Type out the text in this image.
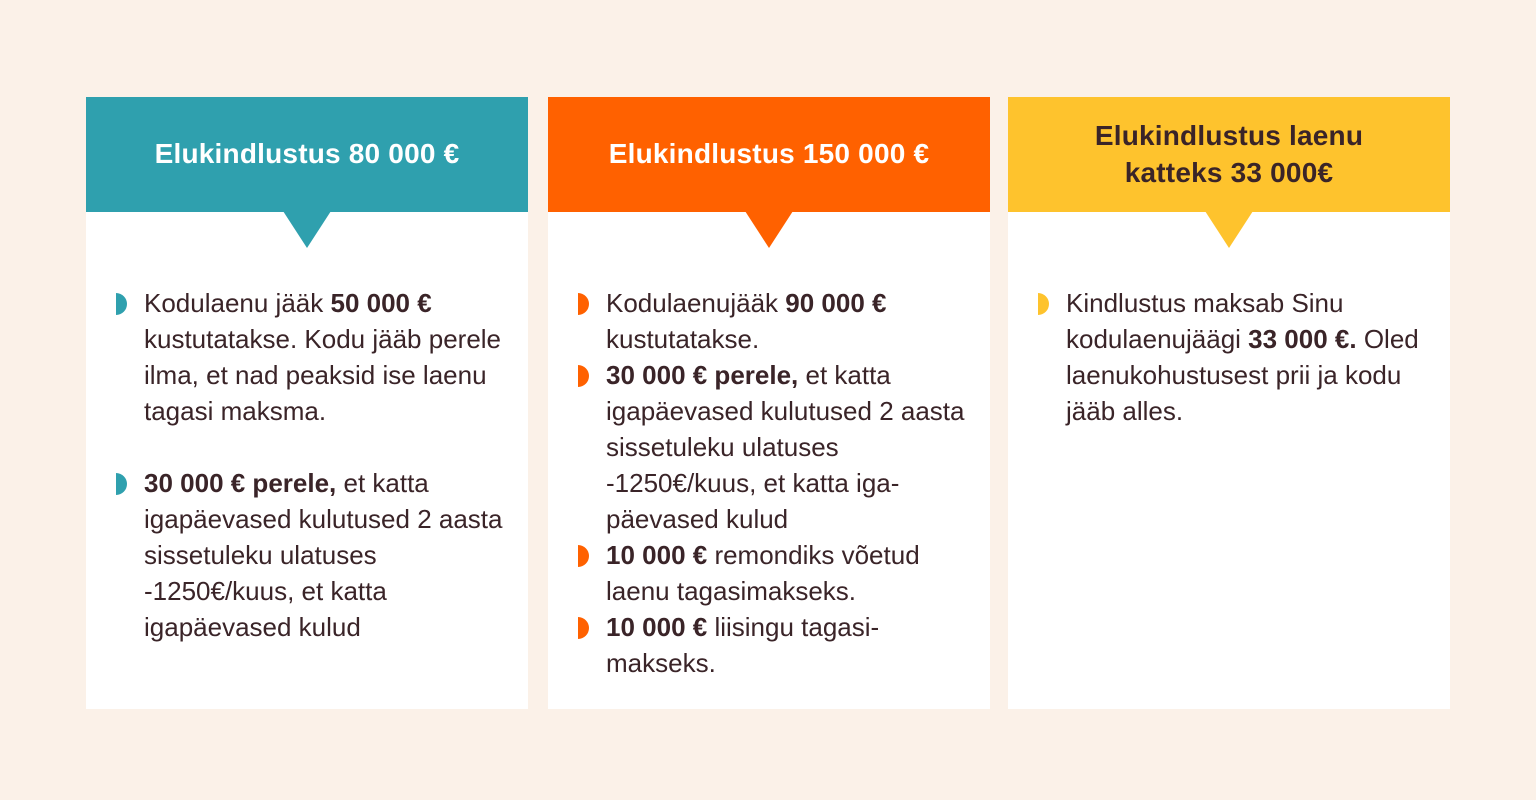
Elukindlustus 80 000 €
Kodulaenu jääk 50 000 €
kustutatakse. Kodu jääb perele ilma, et nad peaksid ise laenu tagasi maksma.
30 000 € perele, et katta igapäevased kulutused 2 aasta sissetuleku ulatuses -1250€/kuus, et katta igapäevased kulud
Elukindlustus 150 000 €
Kodulaenujääk 90 000 € kustutatakse.
30 000 € perele, et katta igapäevased kulutused 2 aasta sissetuleku ulatuses -1250€/kuus, et katta iga-päevased kulud
10 000 € remondiks võetud laenu tagasimakseks.
10 000 € liisingu tagasi-makseks.
Elukindlustus laenu
katteks 33 000€
Kindlustus maksab Sinu kodulaenujäägi 33 000 €. Oled laenukohustusest prii ja kodu jääb alles.
